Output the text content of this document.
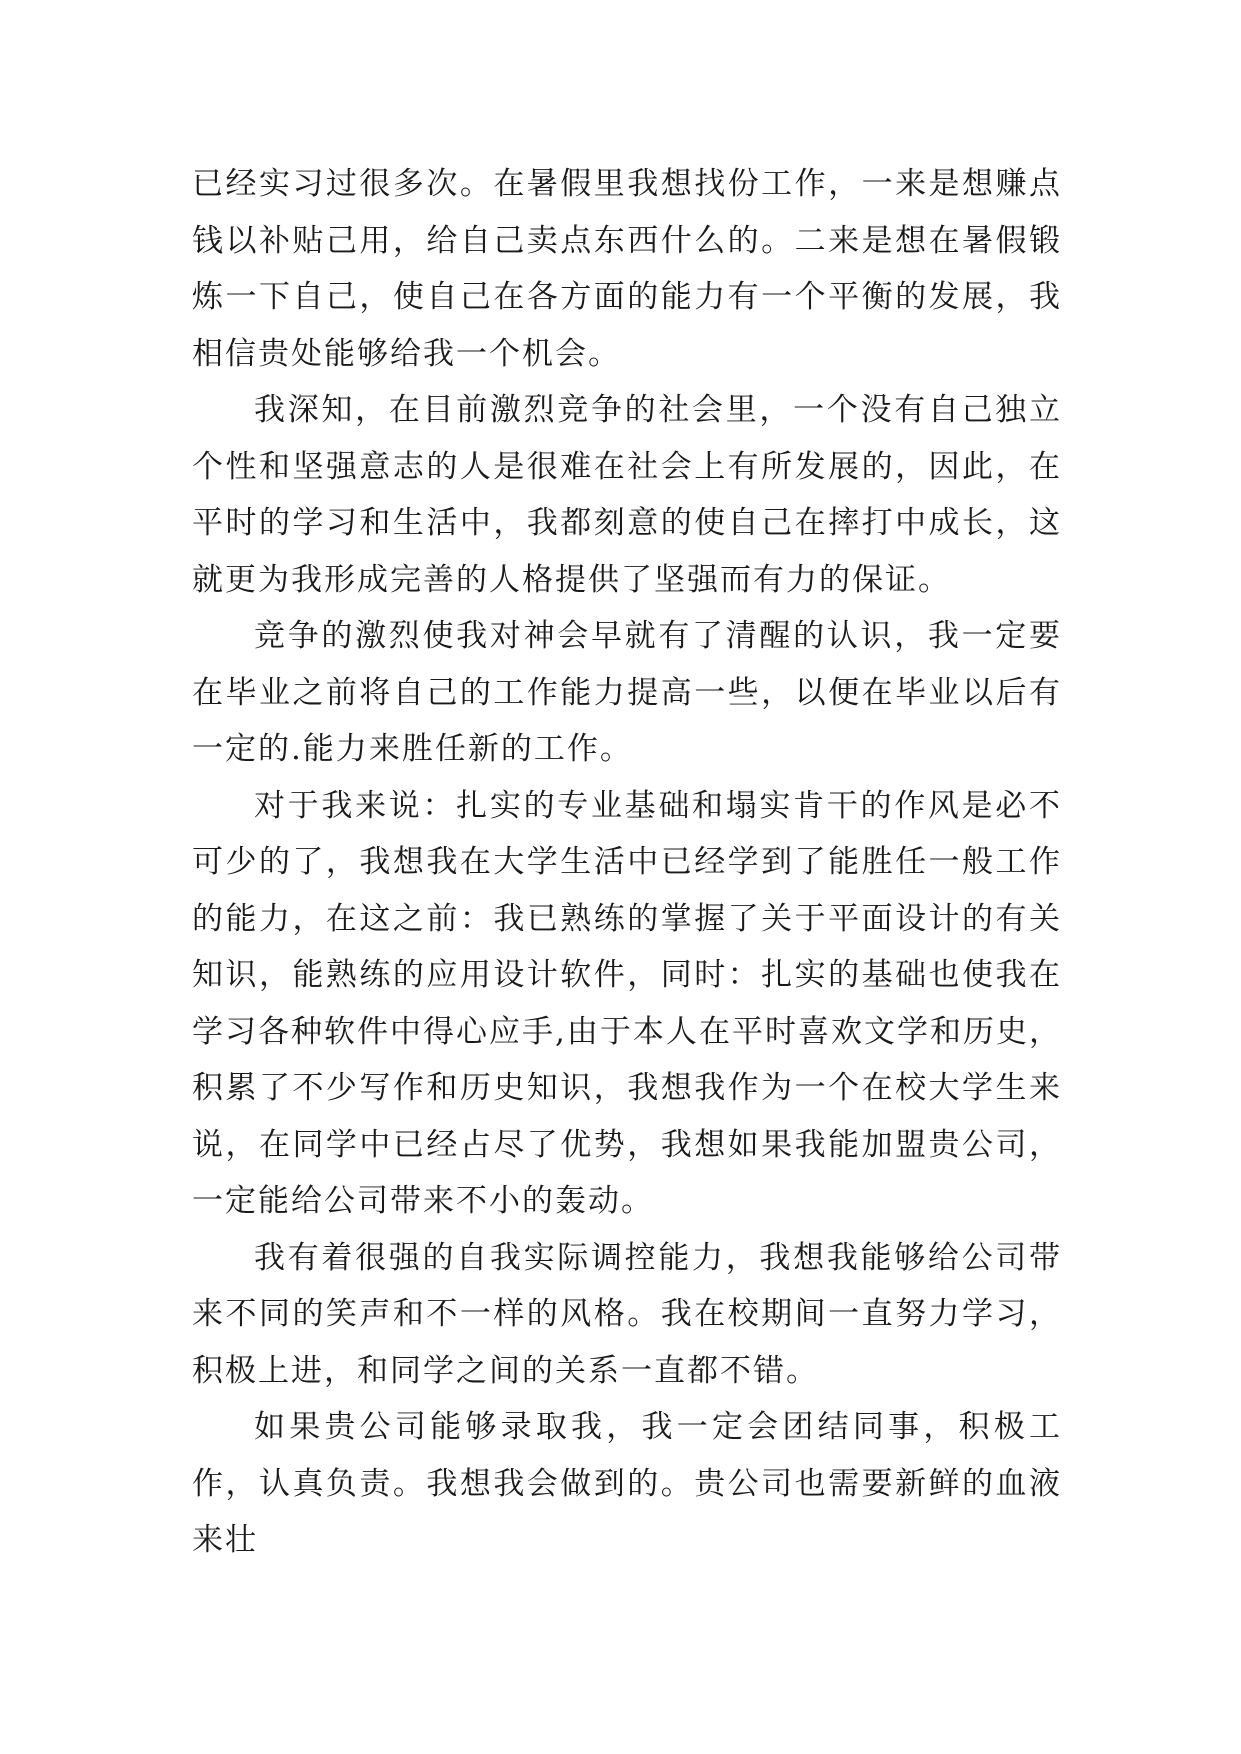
已经实习过很多次。在暑假里我想找份工作，一来是想赚点钱以补贴己用，给自己卖点东西什么的。二来是想在暑假锻炼一下自己，使自己在各方面的能力有一个平衡的发展，我相信贵处能够给我一个机会。

我深知，在目前激烈竞争的社会里，一个没有自己独立个性和坚强意志的人是很难在社会上有所发展的，因此，在平时的学习和生活中，我都刻意的使自己在摔打中成长，这就更为我形成完善的人格提供了坚强而有力的保证。

竞争的激烈使我对神会早就有了清醒的认识，我一定要在毕业之前将自己的工作能力提高一些，以便在毕业以后有一定的.能力来胜任新的工作。

对于我来说：扎实的专业基础和塌实肯干的作风是必不可少的了，我想我在大学生活中已经学到了能胜任一般工作的能力，在这之前：我已熟练的掌握了关于平面设计的有关知识，能熟练的应用设计软件，同时：扎实的基础也使我在学习各种软件中得心应手,由于本人在平时喜欢文学和历史，积累了不少写作和历史知识，我想我作为一个在校大学生来说，在同学中已经占尽了优势，我想如果我能加盟贵公司，一定能给公司带来不小的轰动。

我有着很强的自我实际调控能力，我想我能够给公司带来不同的笑声和不一样的风格。我在校期间一直努力学习，积极上进，和同学之间的关系一直都不错。

如果贵公司能够录取我，我一定会团结同事，积极工作，认真负责。我想我会做到的。贵公司也需要新鲜的血液来壮
